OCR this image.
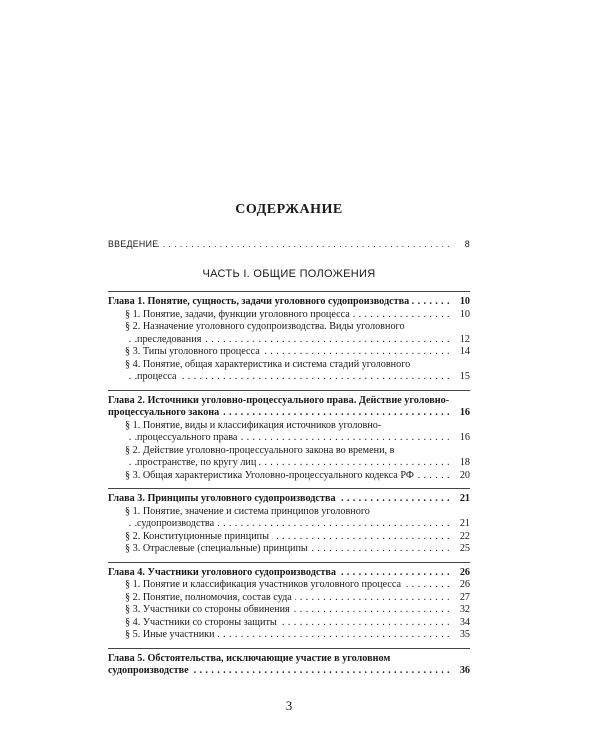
СОДЕРЖАНИЕ
ВВЕДЕНИЕ . . .	8
ЧАСТЬ I. ОБЩИЕ ПОЛОЖЕНИЯ
Глава 1. Понятие, сущность, задачи уголовного судопроизводства . . .	10
§ 1. Понятие, задачи, функции уголовного процесса . . .	10
§ 2. Назначение уголовного судопроизводства. Виды уголовного преследования . . .	12
§ 3. Типы уголовного процесса . . .	14
§ 4. Понятие, общая характеристика и система стадий уголовного процесса . . .	15
Глава 2. Источники уголовно-процессуального права. Действие уголовно-процессуального закона . . .	16
§ 1. Понятие, виды и классификация источников уголовно-процессуального права . . .	16
§ 2. Действие уголовно-процессуального закона во времени, в пространстве, по кругу лиц . . .	18
§ 3. Общая характеристика Уголовно-процессуального кодекса РФ . . .	20
Глава 3. Принципы уголовного судопроизводства . . .	21
§ 1. Понятие, значение и система принципов уголовного судопроизводства . . .	21
§ 2. Конституционные принципы . . .	22
§ 3. Отраслевые (специальные) принципы . . .	25
Глава 4. Участники уголовного судопроизводства . . .	26
§ 1. Понятие и классификация участников уголовного процесса . . .	26
§ 2. Понятие, полномочия, состав суда . . .	27
§ 3. Участники со стороны обвинения . . .	32
§ 4. Участники со стороны защиты . . .	34
§ 5. Иные участники . . .	35
Глава 5. Обстоятельства, исключающие участие в уголовном судопроизводстве . . .	36
3
